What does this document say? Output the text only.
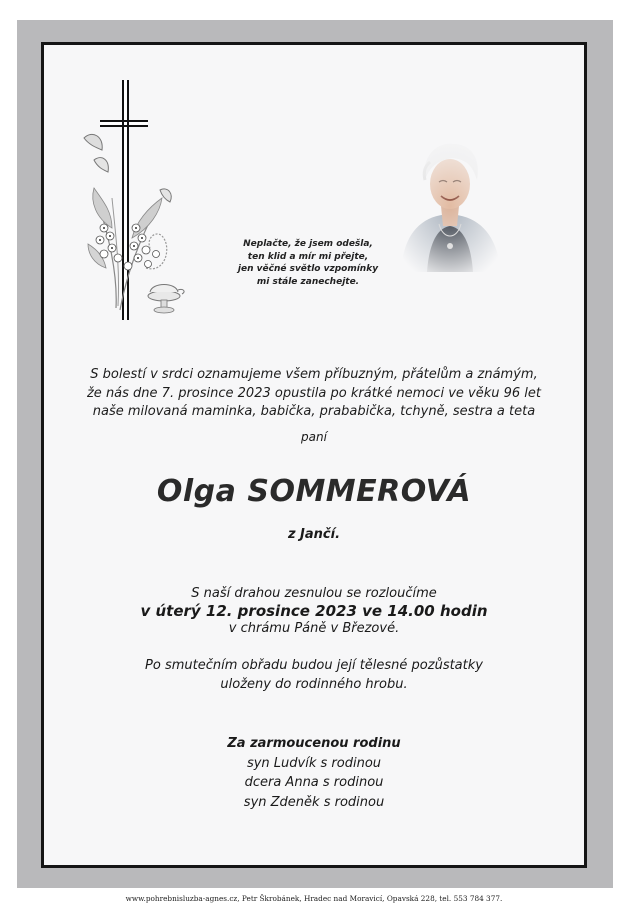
Neplačte, že jsem odešla,
ten klid a mír mi přejte,
jen věčné světlo vzpomínky
mi stále zanechejte.
S bolestí v srdci oznamujeme všem příbuzným, přátelům a známým,
že nás dne 7. prosince 2023 opustila po krátké nemoci ve věku 96 let
naše milovaná maminka, babička, prababička, tchyně, sestra a teta
paní
Olga SOMMEROVÁ
z Jančí.
S naší drahou zesnulou se rozloučíme
v úterý 12. prosince 2023 ve 14.00 hodin
v chrámu Páně v Březové.
Po smutečním obřadu budou její tělesné pozůstatky
uloženy do rodinného hrobu.
Za zarmoucenou rodinu
syn Ludvík s rodinou
dcera Anna s rodinou
syn Zdeněk s rodinou
www.pohrebnisluzba-agnes.cz, Petr Škrobánek, Hradec nad Moravicí, Opavská 228, tel. 553 784 377.
